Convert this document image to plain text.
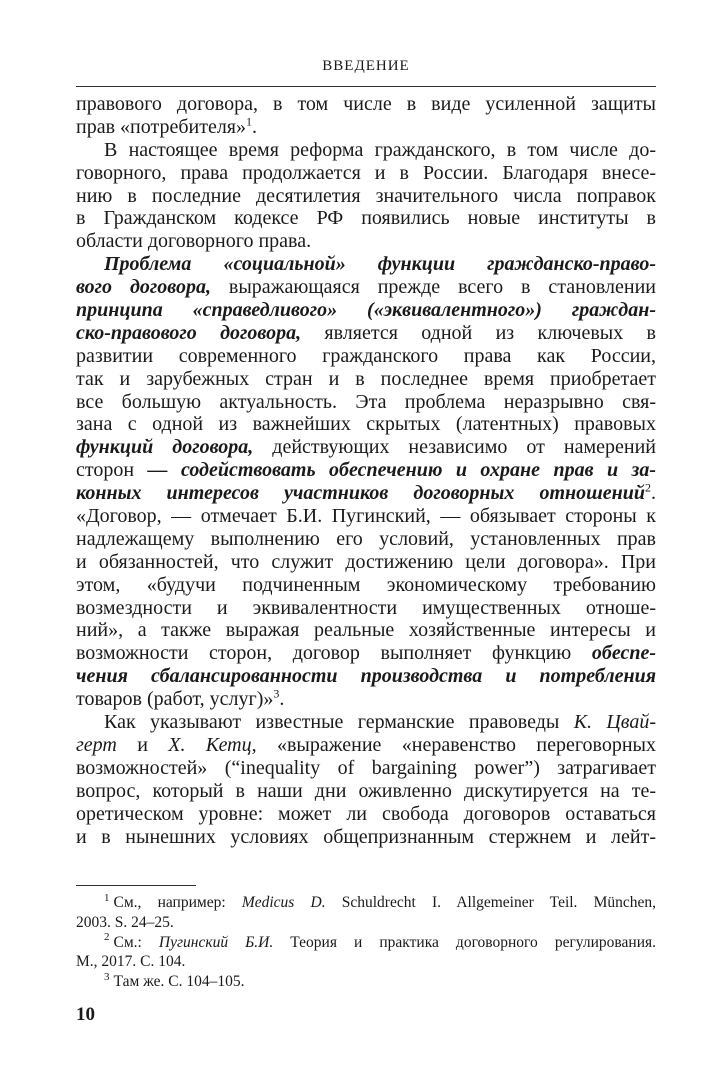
ВВЕДЕНИЕ
правового договора, в том числе в виде усиленной защиты
прав «потребителя»$^1$.
В настоящее время реформа гражданского, в том числе до-
говорного, права продолжается и в России. Благодаря внесе-
нию в последние десятилетия значительного числа поправок
в Гражданском кодексе РФ появились новые институты в
области договорного права.
Проблема «социальной» функции гражданско-право-
вого договора, выражающаяся прежде всего в становлении
принципа «справедливого» («эквивалентного») граждан-
ско-правового договора, является одной из ключевых в
развитии современного гражданского права как России,
так и зарубежных стран и в последнее время приобретает
все большую актуальность. Эта проблема неразрывно свя-
зана с одной из важнейших скрытых (латентных) правовых
функций договора, действующих независимо от намерений
сторон — содействовать обеспечению и охране прав и за-
конных интересов участников договорных отношений$^2$.
«Договор, — отмечает Б.И. Пугинский, — обязывает стороны к
надлежащему выполнению его условий, установленных прав
и обязанностей, что служит достижению цели договора». При
этом, «будучи подчиненным экономическому требованию
возмездности и эквивалентности имущественных отноше-
ний», а также выражая реальные хозяйственные интересы и
возможности сторон, договор выполняет функцию обеспе-
чения сбалансированности производства и потребления
товаров (работ, услуг)»$^3$.
Как указывают известные германские правоведы К. Цвай-
герт и Х. Кетц, «выражение «неравенство переговорных
возможностей» (“inequality of bargaining power”) затрагивает
вопрос, который в наши дни оживленно дискутируется на те-
оретическом уровне: может ли свобода договоров оставаться
и в нынешних условиях общепризнанным стержнем и лейт-
$^1$ См., например: Medicus D. Schuldrecht I. Allgemeiner Teil. München,
2003. S. 24–25.
$^2$ См.: Пугинский Б.И. Теория и практика договорного регулирования.
М., 2017. С. 104.
$^3$ Там же. С. 104–105.
10
